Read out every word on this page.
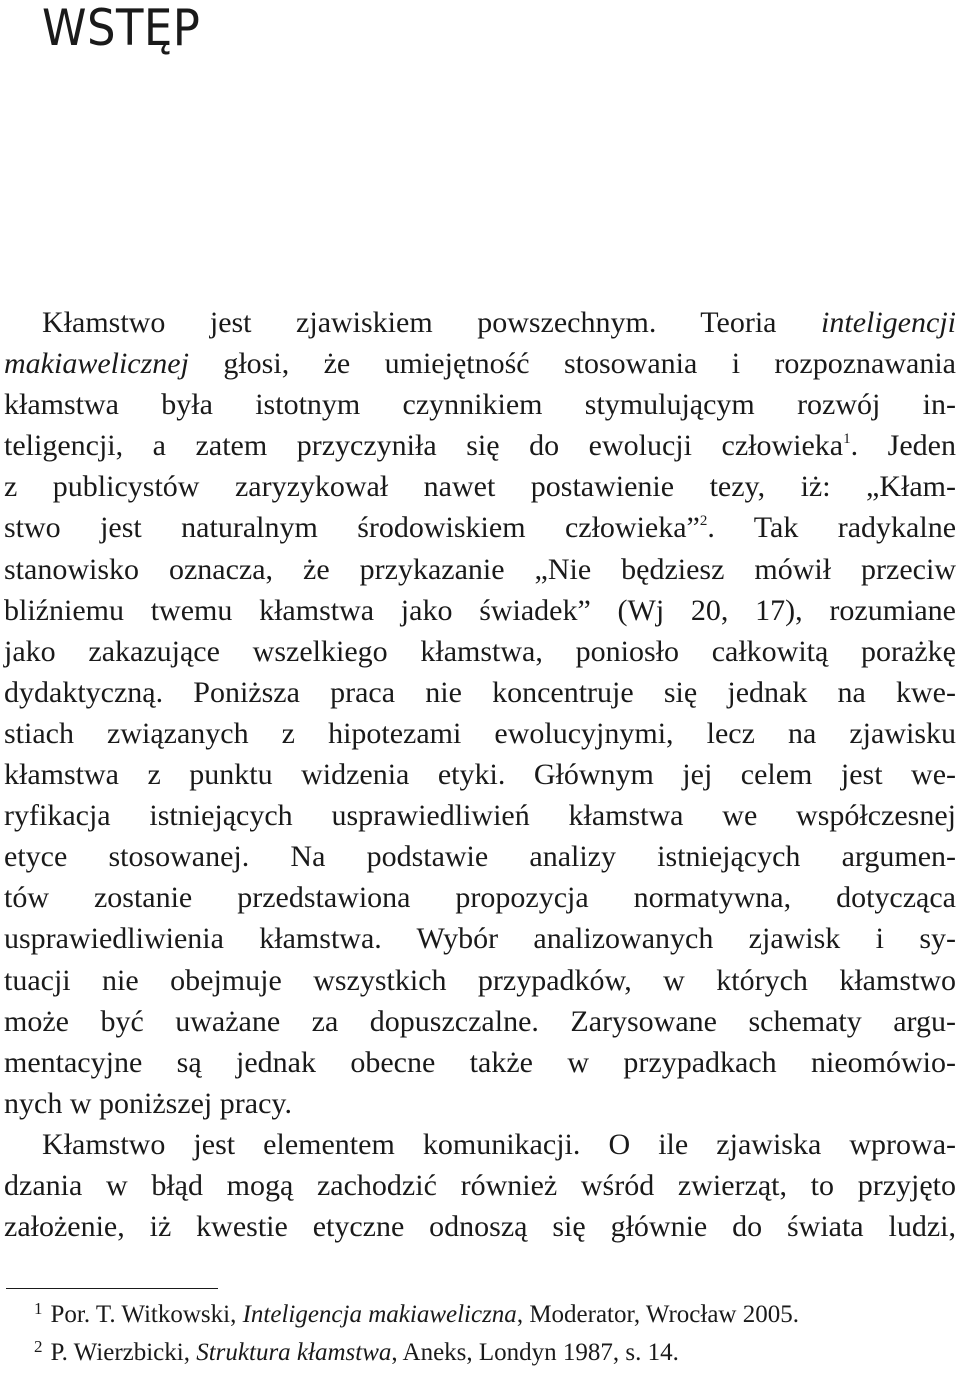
WSTĘP
Kłamstwo jest zjawiskiem powszechnym. Teoria inteligencji
makiawelicznej głosi, że umiejętność stosowania i rozpoznawania
kłamstwa była istotnym czynnikiem stymulującym rozwój in-
teligencji, a zatem przyczyniła się do ewolucji człowieka$^1$. Jeden
z publicystów zaryzykował nawet postawienie tezy, iż: „Kłam-
stwo jest naturalnym środowiskiem człowieka”$^2$. Tak radykalne
stanowisko oznacza, że przykazanie „Nie będziesz mówił przeciw
bliźniemu twemu kłamstwa jako świadek” (Wj 20, 17), rozumiane
jako zakazujące wszelkiego kłamstwa, poniosło całkowitą porażkę
dydaktyczną. Poniższa praca nie koncentruje się jednak na kwe-
stiach związanych z hipotezami ewolucyjnymi, lecz na zjawisku
kłamstwa z punktu widzenia etyki. Głównym jej celem jest we-
ryfikacja istniejących usprawiedliwień kłamstwa we współczesnej
etyce stosowanej. Na podstawie analizy istniejących argumen-
tów zostanie przedstawiona propozycja normatywna, dotycząca
usprawiedliwienia kłamstwa. Wybór analizowanych zjawisk i sy-
tuacji nie obejmuje wszystkich przypadków, w których kłamstwo
może być uważane za dopuszczalne. Zarysowane schematy argu-
mentacyjne są jednak obecne także w przypadkach nieomówio-
nych w poniższej pracy.
Kłamstwo jest elementem komunikacji. O ile zjawiska wprowa-
dzania w błąd mogą zachodzić również wśród zwierząt, to przyjęto
założenie, iż kwestie etyczne odnoszą się głównie do świata ludzi,
$^1$ Por. T. Witkowski, Inteligencja makiaweliczna, Moderator, Wrocław 2005.
$^2$ P. Wierzbicki, Struktura kłamstwa, Aneks, Londyn 1987, s. 14.
